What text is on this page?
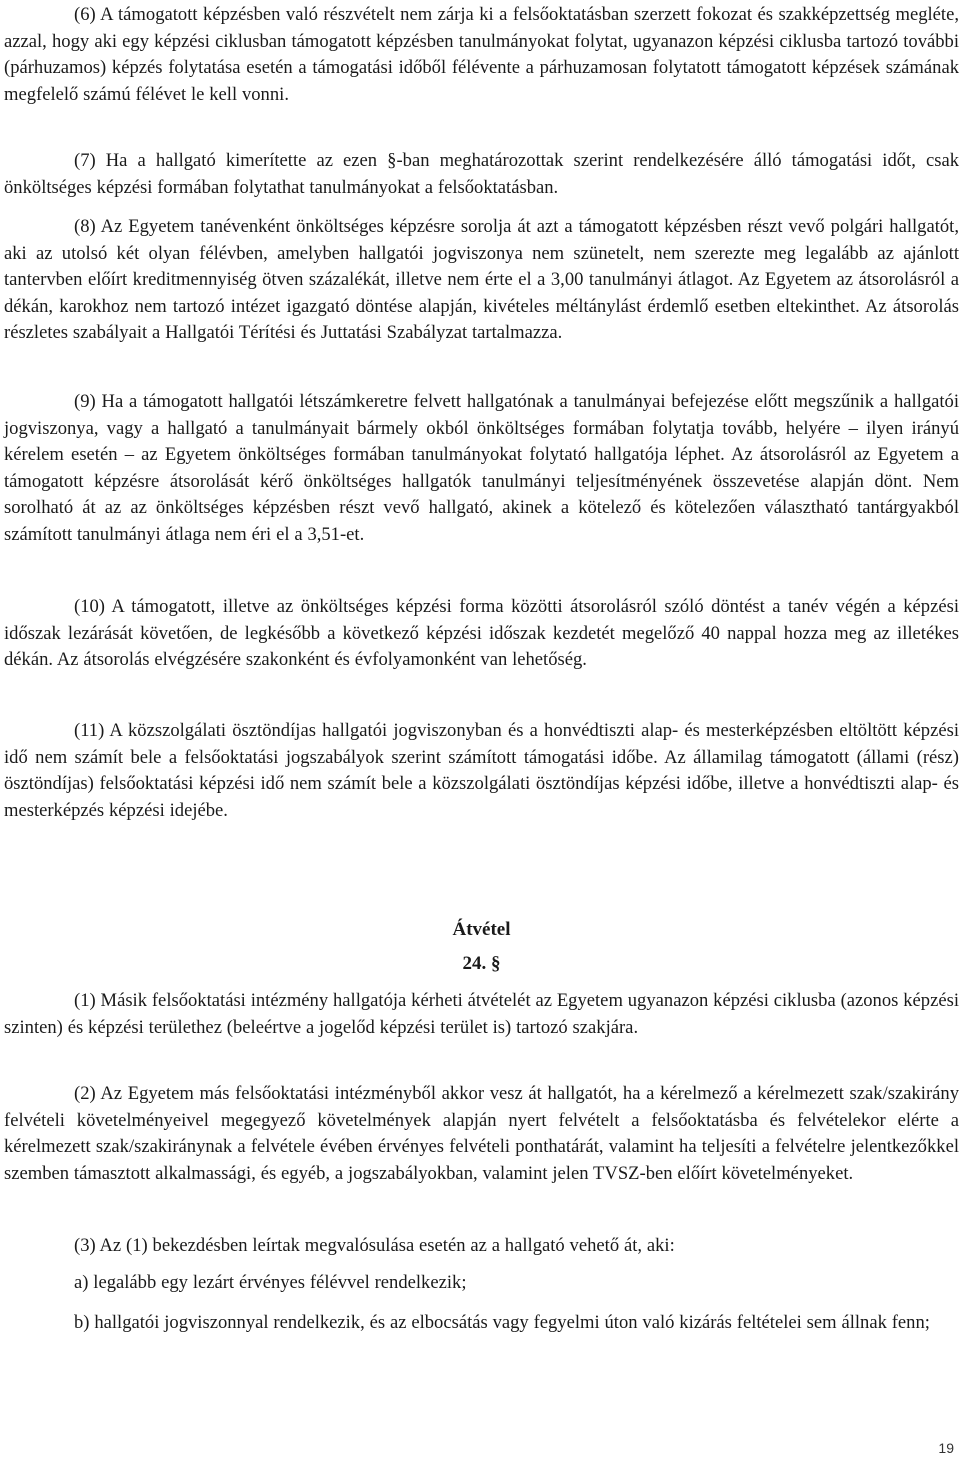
(6) A támogatott képzésben való részvételt nem zárja ki a felsőoktatásban szerzett fokozat és szakképzettség megléte, azzal, hogy aki egy képzési ciklusban támogatott képzésben tanulmányokat folytat, ugyanazon képzési ciklusba tartozó további (párhuzamos) képzés folytatása esetén a támogatási időből félévente a párhuzamosan folytatott támogatott képzések számának megfelelő számú félévet le kell vonni.

(7) Ha a hallgató kimerítette az ezen §-ban meghatározottak szerint rendelkezésére álló támogatási időt, csak önköltséges képzési formában folytathat tanulmányokat a felsőoktatásban.

(8) Az Egyetem tanévenként önköltséges képzésre sorolja át azt a támogatott képzésben részt vevő polgári hallgatót, aki az utolsó két olyan félévben, amelyben hallgatói jogviszonya nem szünetelt, nem szerezte meg legalább az ajánlott tantervben előírt kreditmennyiség ötven százalékát, illetve nem érte el a 3,00 tanulmányi átlagot. Az Egyetem az átsorolásról a dékán, karokhoz nem tartozó intézet igazgató döntése alapján, kivételes méltánylást érdemlő esetben eltekinthet. Az átsorolás részletes szabályait a Hallgatói Térítési és Juttatási Szabályzat tartalmazza.

(9) Ha a támogatott hallgatói létszámkeretre felvett hallgatónak a tanulmányai befejezése előtt megszűnik a hallgatói jogviszonya, vagy a hallgató a tanulmányait bármely okból önköltséges formában folytatja tovább, helyére – ilyen irányú kérelem esetén – az Egyetem önköltséges formában tanulmányokat folytató hallgatója léphet. Az átsorolásról az Egyetem a támogatott képzésre átsorolását kérő önköltséges hallgatók tanulmányi teljesítményének összevetése alapján dönt. Nem sorolható át az az önköltséges képzésben részt vevő hallgató, akinek a kötelező és kötelezően választható tantárgyakból számított tanulmányi átlaga nem éri el a 3,51-et.

(10) A támogatott, illetve az önköltséges képzési forma közötti átsorolásról szóló döntést a tanév végén a képzési időszak lezárását követően, de legkésőbb a következő képzési időszak kezdetét megelőző 40 nappal hozza meg az illetékes dékán. Az átsorolás elvégzésére szakonként és évfolyamonként van lehetőség.

(11) A közszolgálati ösztöndíjas hallgatói jogviszonyban és a honvédtiszti alap- és mesterképzésben eltöltött képzési idő nem számít bele a felsőoktatási jogszabályok szerint számított támogatási időbe. Az államilag támogatott (állami (rész) ösztöndíjas) felsőoktatási képzési idő nem számít bele a közszolgálati ösztöndíjas képzési időbe, illetve a honvédtiszti alap- és mesterképzés képzési idejébe.

Átvétel
24. §

(1) Másik felsőoktatási intézmény hallgatója kérheti átvételét az Egyetem ugyanazon képzési ciklusba (azonos képzési szinten) és képzési területhez (beleértve a jogelőd képzési terület is) tartozó szakjára.

(2) Az Egyetem más felsőoktatási intézményből akkor vesz át hallgatót, ha a kérelmező a kérelmezett szak/szakirány felvételi követelményeivel megegyező követelmények alapján nyert felvételt a felsőoktatásba és felvételekor elérte a kérelmezett szak/szakiránynak a felvétele évében érvényes felvételi ponthatárát, valamint ha teljesíti a felvételre jelentkezőkkel szemben támasztott alkalmassági, és egyéb, a jogszabályokban, valamint jelen TVSZ-ben előírt követelményeket.

(3) Az (1) bekezdésben leírtak megvalósulása esetén az a hallgató vehető át, aki:

a) legalább egy lezárt érvényes félévvel rendelkezik;

b) hallgatói jogviszonnyal rendelkezik, és az elbocsátás vagy fegyelmi úton való kizárás feltételei sem állnak fenn;

19
